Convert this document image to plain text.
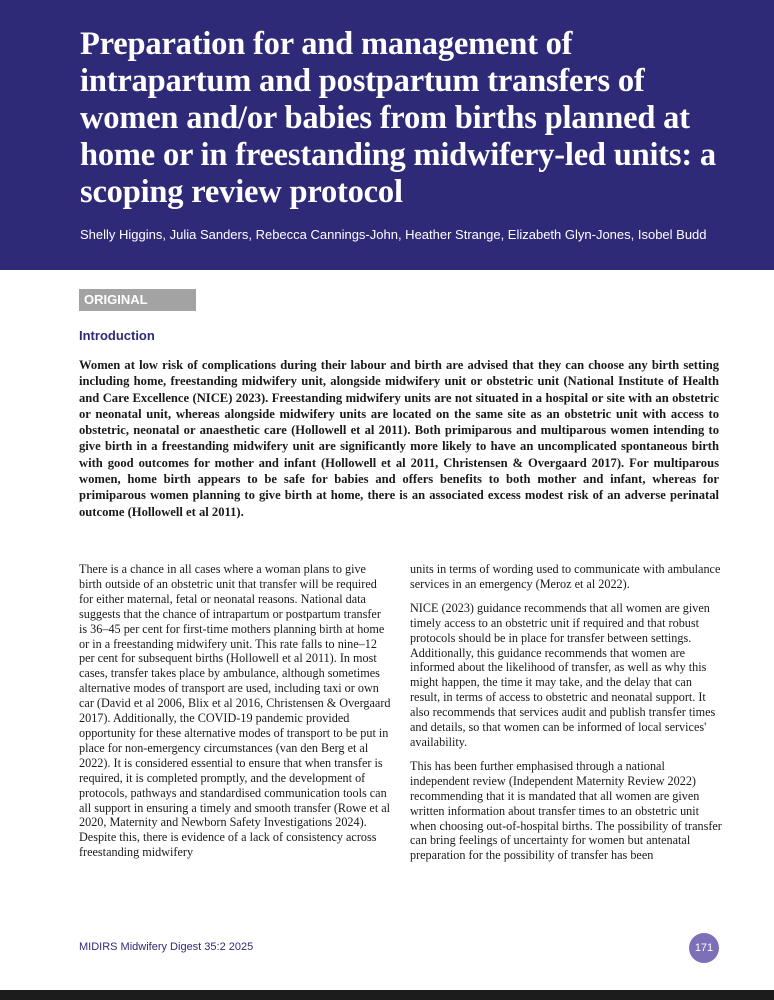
Preparation for and management of intrapartum and postpartum transfers of women and/or babies from births planned at home or in freestanding midwifery-led units: a scoping review protocol
Shelly Higgins, Julia Sanders, Rebecca Cannings-John, Heather Strange, Elizabeth Glyn-Jones, Isobel Budd
ORIGINAL
Introduction

Women at low risk of complications during their labour and birth are advised that they can choose any birth setting including home, freestanding midwifery unit, alongside midwifery unit or obstetric unit (National Institute of Health and Care Excellence (NICE) 2023). Freestanding midwifery units are not situated in a hospital or site with an obstetric or neonatal unit, whereas alongside midwifery units are located on the same site as an obstetric unit with access to obstetric, neonatal or anaesthetic care (Hollowell et al 2011). Both primiparous and multiparous women intending to give birth in a freestanding midwifery unit are significantly more likely to have an uncomplicated spontaneous birth with good outcomes for mother and infant (Hollowell et al 2011, Christensen & Overgaard 2017). For multiparous women, home birth appears to be safe for babies and offers benefits to both mother and infant, whereas for primiparous women planning to give birth at home, there is an associated excess modest risk of an adverse perinatal outcome (Hollowell et al 2011).

There is a chance in all cases where a woman plans to give birth outside of an obstetric unit that transfer will be required for either maternal, fetal or neonatal reasons. National data suggests that the chance of intrapartum or postpartum transfer is 36–45 per cent for first-time mothers planning birth at home or in a freestanding midwifery unit. This rate falls to nine–12 per cent for subsequent births (Hollowell et al 2011). In most cases, transfer takes place by ambulance, although sometimes alternative modes of transport are used, including taxi or own car (David et al 2006, Blix et al 2016, Christensen & Overgaard 2017). Additionally, the COVID-19 pandemic provided opportunity for these alternative modes of transport to be put in place for non-emergency circumstances (van den Berg et al 2022). It is considered essential to ensure that when transfer is required, it is completed promptly, and the development of protocols, pathways and standardised communication tools can all support in ensuring a timely and smooth transfer (Rowe et al 2020, Maternity and Newborn Safety Investigations 2024). Despite this, there is evidence of a lack of consistency across freestanding midwifery

units in terms of wording used to communicate with ambulance services in an emergency (Meroz et al 2022).

NICE (2023) guidance recommends that all women are given timely access to an obstetric unit if required and that robust protocols should be in place for transfer between settings. Additionally, this guidance recommends that women are informed about the likelihood of transfer, as well as why this might happen, the time it may take, and the delay that can result, in terms of access to obstetric and neonatal support. It also recommends that services audit and publish transfer times and details, so that women can be informed of local services' availability.

This has been further emphasised through a national independent review (Independent Maternity Review 2022) recommending that it is mandated that all women are given written information about transfer times to an obstetric unit when choosing out-of-hospital births. The possibility of transfer can bring feelings of uncertainty for women but antenatal preparation for the possibility of transfer has been

MIDIRS Midwifery Digest 35:2 2025	171
